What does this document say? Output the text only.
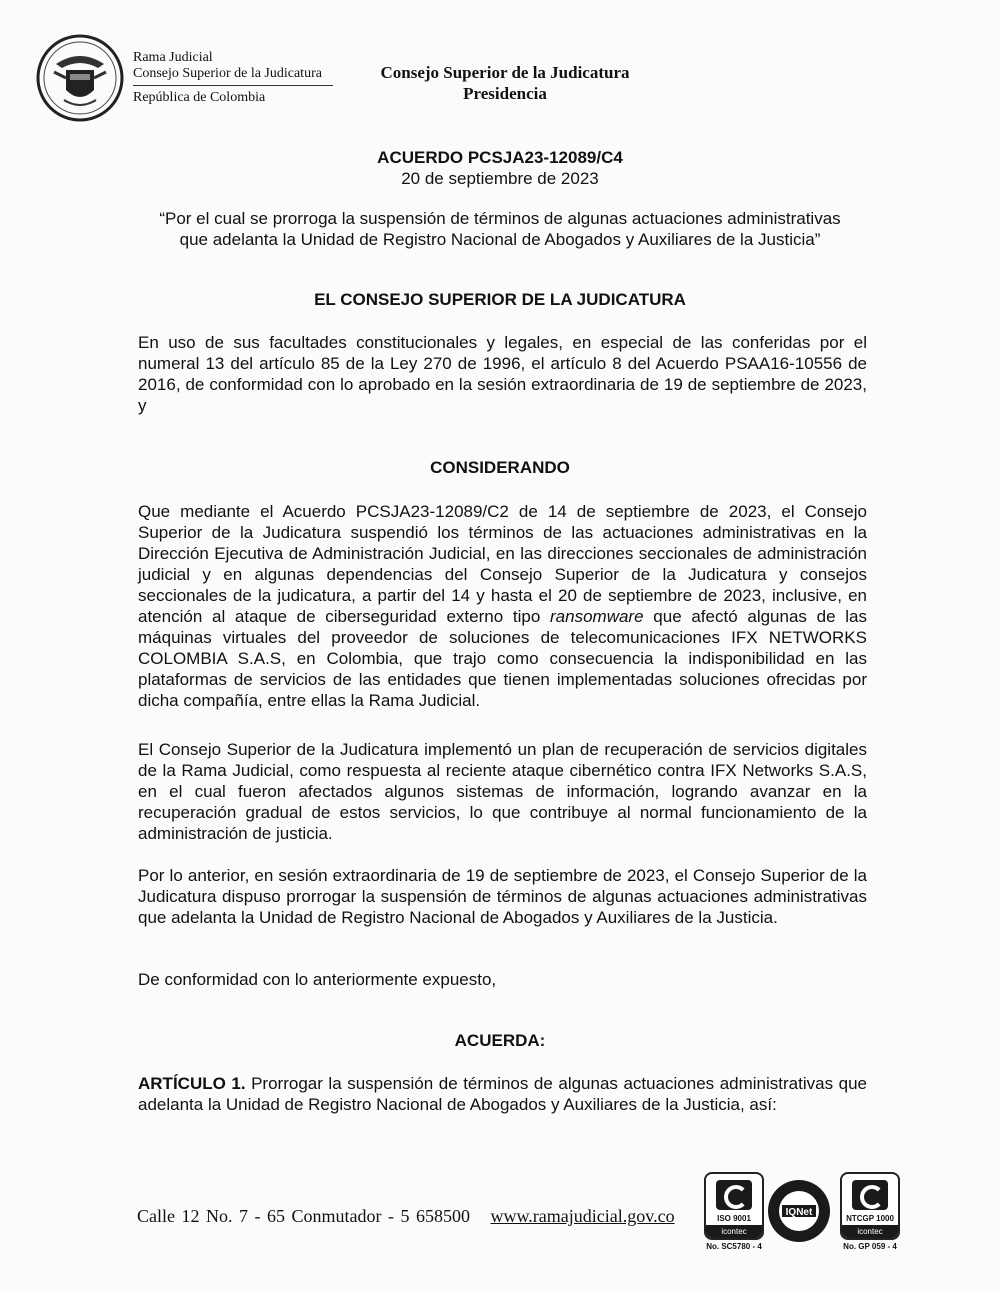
Rama Judicial
Consejo Superior de la Judicatura
República de Colombia
Consejo Superior de la Judicatura
Presidencia
ACUERDO PCSJA23-12089/C4
20 de septiembre de 2023
“Por el cual se prorroga la suspensión de términos de algunas actuaciones administrativas
que adelanta la Unidad de Registro Nacional de Abogados y Auxiliares de la Justicia”
EL CONSEJO SUPERIOR DE LA JUDICATURA
En uso de sus facultades constitucionales y legales, en especial de las conferidas por el numeral 13 del artículo 85 de la Ley 270 de 1996, el artículo 8 del Acuerdo PSAA16-10556 de 2016, de conformidad con lo aprobado en la sesión extraordinaria de 19 de septiembre de 2023, y
CONSIDERANDO
Que mediante el Acuerdo PCSJA23-12089/C2 de 14 de septiembre de 2023, el Consejo Superior de la Judicatura suspendió los términos de las actuaciones administrativas en la Dirección Ejecutiva de Administración Judicial, en las direcciones seccionales de administración judicial y en algunas dependencias del Consejo Superior de la Judicatura y consejos seccionales de la judicatura, a partir del 14 y hasta el 20 de septiembre de 2023, inclusive, en atención al ataque de ciberseguridad externo tipo ransomware que afectó algunas de las máquinas virtuales del proveedor de soluciones de telecomunicaciones IFX NETWORKS COLOMBIA S.A.S, en Colombia, que trajo como consecuencia la indisponibilidad en las plataformas de servicios de las entidades que tienen implementadas soluciones ofrecidas por dicha compañía, entre ellas la Rama Judicial.
El Consejo Superior de la Judicatura implementó un plan de recuperación de servicios digitales de la Rama Judicial, como respuesta al reciente ataque cibernético contra IFX Networks S.A.S, en el cual fueron afectados algunos sistemas de información, logrando avanzar en la recuperación gradual de estos servicios, lo que contribuye al normal funcionamiento de la administración de justicia.
Por lo anterior, en sesión extraordinaria de 19 de septiembre de 2023, el Consejo Superior de la Judicatura dispuso prorrogar la suspensión de términos de algunas actuaciones administrativas que adelanta la Unidad de Registro Nacional de Abogados y Auxiliares de la Justicia.
De conformidad con lo anteriormente expuesto,
ACUERDA:
ARTÍCULO 1. Prorrogar la suspensión de términos de algunas actuaciones administrativas que adelanta la Unidad de Registro Nacional de Abogados y Auxiliares de la Justicia, así:
Calle 12 No. 7 - 65 Conmutador - 5 658500 www.ramajudicial.gov.co	ISO 9001
icontec
No. SC5780 - 4
IQNet
NTCGP 1000
icontec
No. GP 059 - 4
